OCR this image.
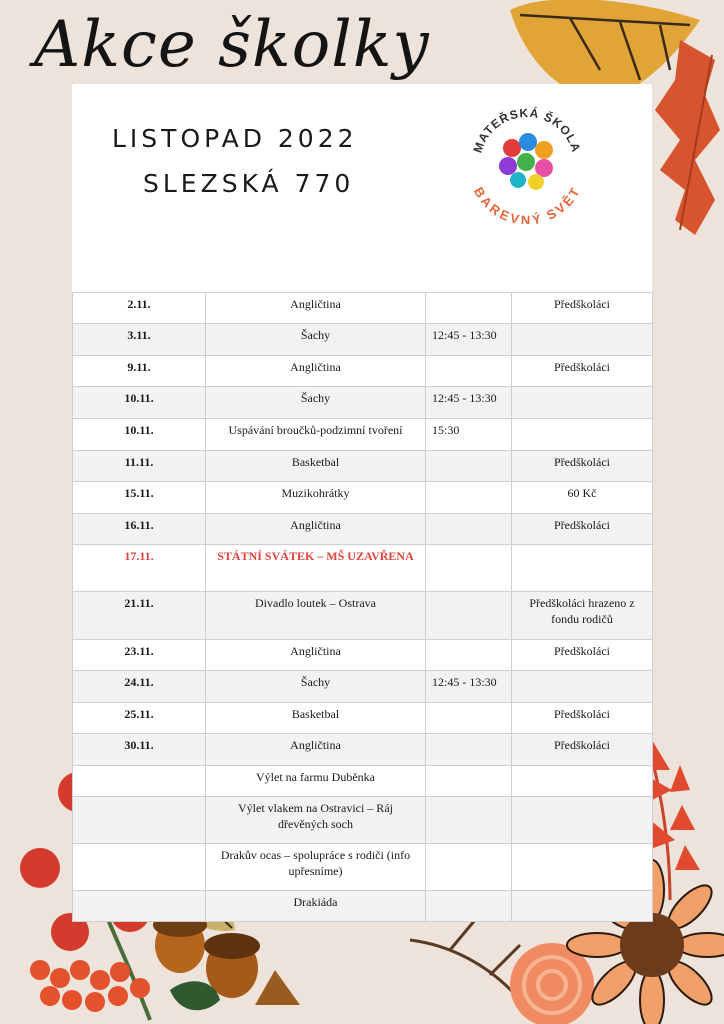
Akce školky

LISTOPAD 2022

SLEZSKÁ 770

MATEŘSKÁ ŠKOLA
BAREVNÝ SVĚT
2.11.	Angličtina		Předškoláci
3.11.	Šachy	12:45 - 13:30	
9.11.	Angličtina		Předškoláci
10.11.	Šachy	12:45 - 13:30	
10.11.	Uspávání broučků-podzimní tvoření	15:30	
11.11.	Basketbal		Předškoláci
15.11.	Muzikohrátky		60 Kč
16.11.	Angličtina		Předškoláci
17.11.	STÁTNÍ SVÁTEK – MŠ UZAVŘENA		
21.11.	Divadlo loutek – Ostrava		Předškoláci hrazeno z fondu rodičů
23.11.	Angličtina		Předškoláci
24.11.	Šachy	12:45 - 13:30	
25.11.	Basketbal		Předškoláci
30.11.	Angličtina		Předškoláci
	Výlet na farmu Duběnka		
	Výlet vlakem na Ostravici – Ráj dřevěných soch		
	Drakův ocas – spolupráce s rodiči (info upřesníme)		
	Drakiáda		
